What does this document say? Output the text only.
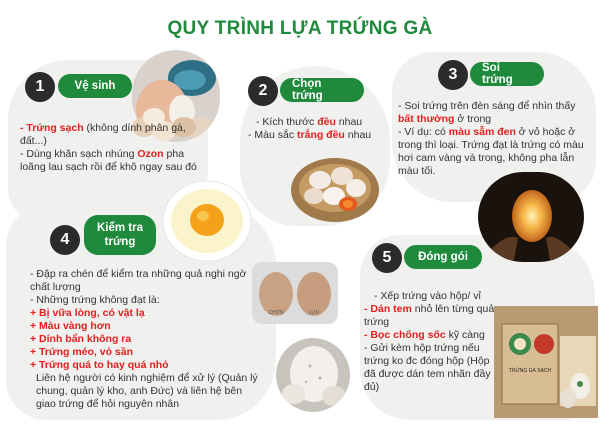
QUY TRÌNH LỰA TRỨNG GÀ
1	Vệ sinh

- Trứng sạch (không dính phân gà, đất...)

- Dùng khăn sạch nhúng Ozon pha loãng lau sạch rồi để khô ngay sau đó

2	Chọn trứng

- Kích thước đều nhau

- Màu sắc trắng đều nhau

3	Soi trứng

- Soi trứng trên đèn sáng để nhìn thấy bất thường ở trong

- Ví dụ: có màu sẫm đen ở vỏ hoặc ở trong thì loại. Trứng đạt là trứng có màu hơi cam vàng và trong, không pha lẫn màu tối.

4
Kiểm tra
trứng

- Đập ra chén để kiểm tra những quả nghi ngờ chất lượng

- Những trứng không đạt là:

+ Bị vữa lòng, có vật lạ

+ Màu vàng hơn

+ Dính bẩn không ra

+ Trứng méo, vỏ sần

+ Trứng quá to hay quá nhỏ

Liên hệ người có kinh nghiệm để xử lý (Quản lý chung, quản lý kho, anh Đức) và liên hệ bên giao trứng để hỏi nguyên nhân

CHƠN	LỰU
5	Đóng gói

- Xếp trứng vào hộp/ vỉ

- Dán tem nhỏ lên từng quả trứng

- Bọc chống sốc kỹ càng

- Gửi kèm hộp trứng nếu trứng ko đc đóng hộp (Hộp đã được dán tem nhãn đầy đủ)

TRỨNG GÀ SẠCH
